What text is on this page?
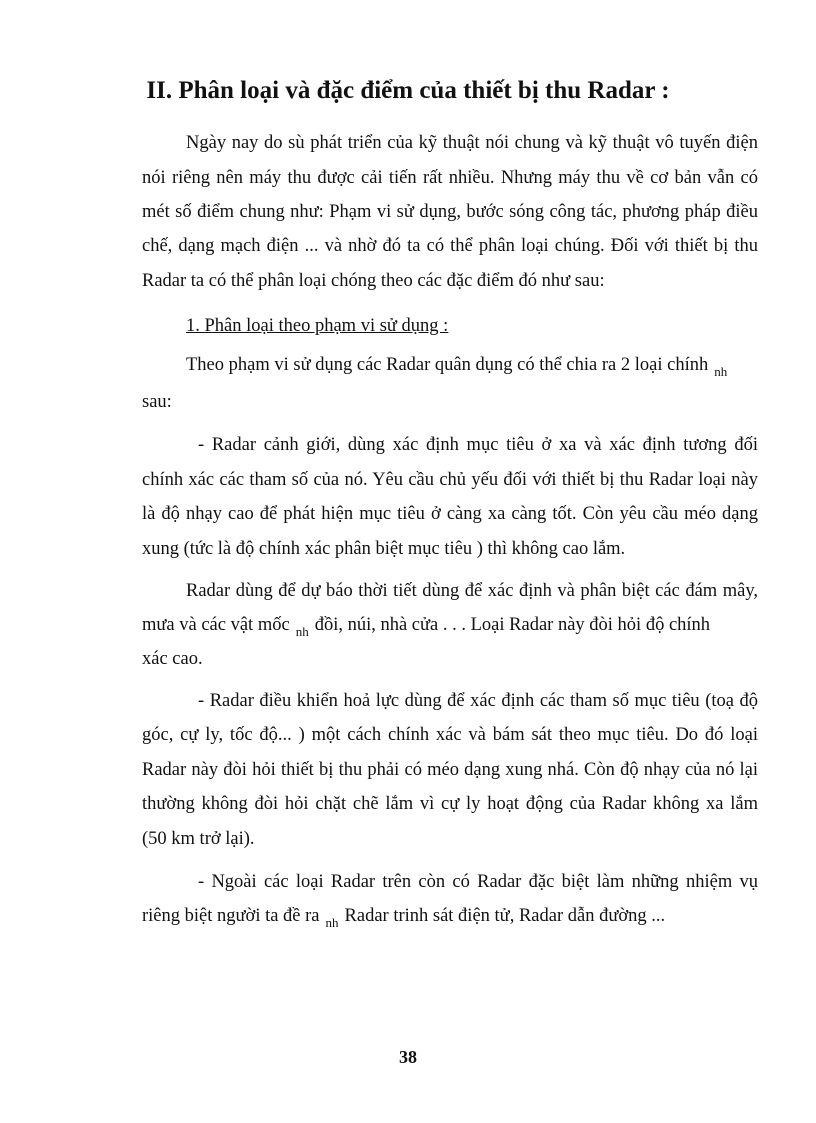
II. Phân loại và đặc điểm của thiết bị thu Radar :
Ngày nay do sù phát triển của kỹ thuật nói chung và kỹ thuật vô tuyến điện
nói riêng nên máy thu được cải tiến rất nhiều. Nhưng máy thu về cơ bản vẫn có
mét số điểm chung như: Phạm vi sử dụng, bước sóng công tác, phương pháp điều
chế, dạng mạch điện ... và nhờ đó ta có thể phân loại chúng. Đối với thiết bị thu
Radar ta có thể phân loại chóng theo các đặc điểm đó như sau:
1. Phân loại theo phạm vi sử dụng :
Theo phạm vi sử dụng các Radar quân dụng có thể chia ra 2 loại chính $_{nh}$
sau:
- Radar cảnh giới, dùng xác định mục tiêu ở xa và xác định tương đối
chính xác các tham số của nó. Yêu cầu chủ yếu đối với thiết bị thu Radar loại này
là độ nhạy cao để phát hiện mục tiêu ở càng xa càng tốt. Còn yêu cầu méo dạng
xung (tức là độ chính xác phân biệt mục tiêu ) thì không cao lắm.
Radar dùng để dự báo thời tiết dùng để xác định và phân biệt các đám mây,
mưa và các vật mốc $_{nh}$ đồi, núi, nhà cửa . . . Loại Radar này đòi hỏi độ chính
xác cao.
- Radar điều khiển hoả lực dùng để xác định các tham số mục tiêu (toạ độ
góc, cự ly, tốc độ... ) một cách chính xác và bám sát theo mục tiêu. Do đó loại
Radar này đòi hỏi thiết bị thu phải có méo dạng xung nhá. Còn độ nhạy của nó lại
thường không đòi hỏi chặt chẽ lắm vì cự ly hoạt động của Radar không xa lắm
(50 km trở lại).
- Ngoài các loại Radar trên còn có Radar đặc biệt làm những nhiệm vụ
riêng biệt người ta đề ra $_{nh}$ Radar trinh sát điện tử, Radar dẫn đường ...
38
